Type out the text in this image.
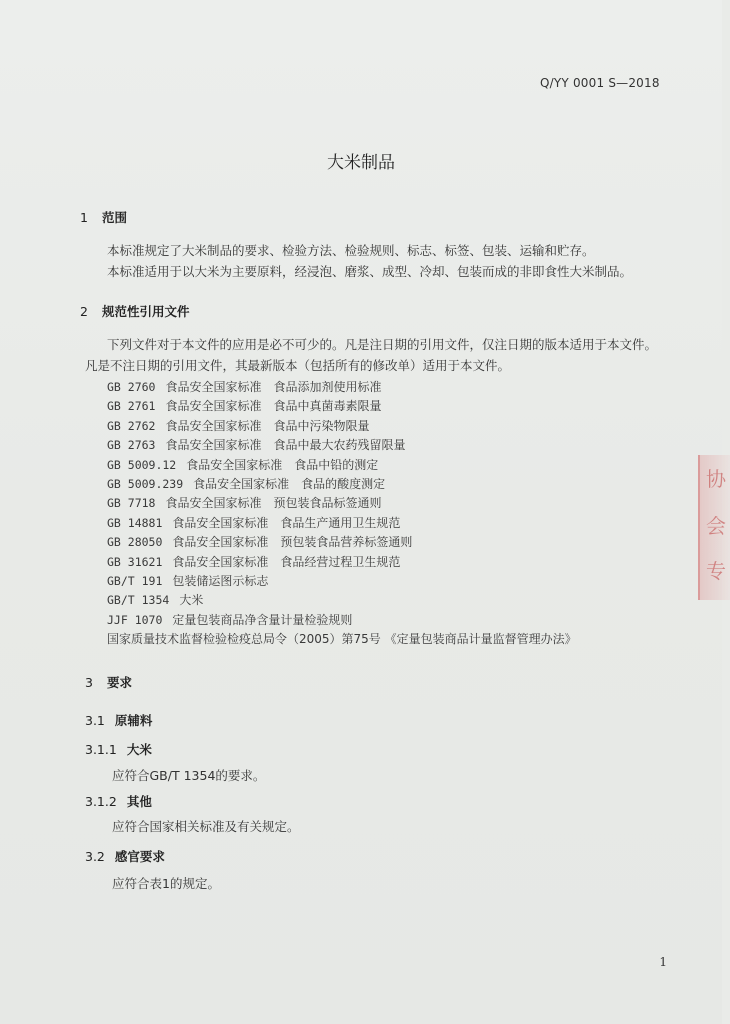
Q/YY 0001 S—2018
大米制品
1 范围
本标准规定了大米制品的要求、检验方法、检验规则、标志、标签、包装、运输和贮存。
本标准适用于以大米为主要原料，经浸泡、磨浆、成型、冷却、包装而成的非即食性大米制品。
2 规范性引用文件
下列文件对于本文件的应用是必不可少的。凡是注日期的引用文件，仅注日期的版本适用于本文件。
凡是不注日期的引用文件，其最新版本（包括所有的修改单）适用于本文件。
GB 2760 食品安全国家标准　食品添加剂使用标准
GB 2761 食品安全国家标准　食品中真菌毒素限量
GB 2762 食品安全国家标准　食品中污染物限量
GB 2763 食品安全国家标准　食品中最大农药残留限量
GB 5009.12 食品安全国家标准　食品中铅的测定
GB 5009.239 食品安全国家标准　食品的酸度测定
GB 7718 食品安全国家标准　预包装食品标签通则
GB 14881 食品安全国家标准　食品生产通用卫生规范
GB 28050 食品安全国家标准　预包装食品营养标签通则
GB 31621 食品安全国家标准　食品经营过程卫生规范
GB/T 191 包装储运图示标志
GB/T 1354 大米
JJF 1070 定量包装商品净含量计量检验规则
国家质量技术监督检验检疫总局令（2005）第75号 《定量包装商品计量监督管理办法》
3 要求
3.1 原辅料
3.1.1 大米
应符合GB/T 1354的要求。
3.1.2 其他
应符合国家相关标准及有关规定。
3.2 感官要求
应符合表1的规定。
1
协
会
专
